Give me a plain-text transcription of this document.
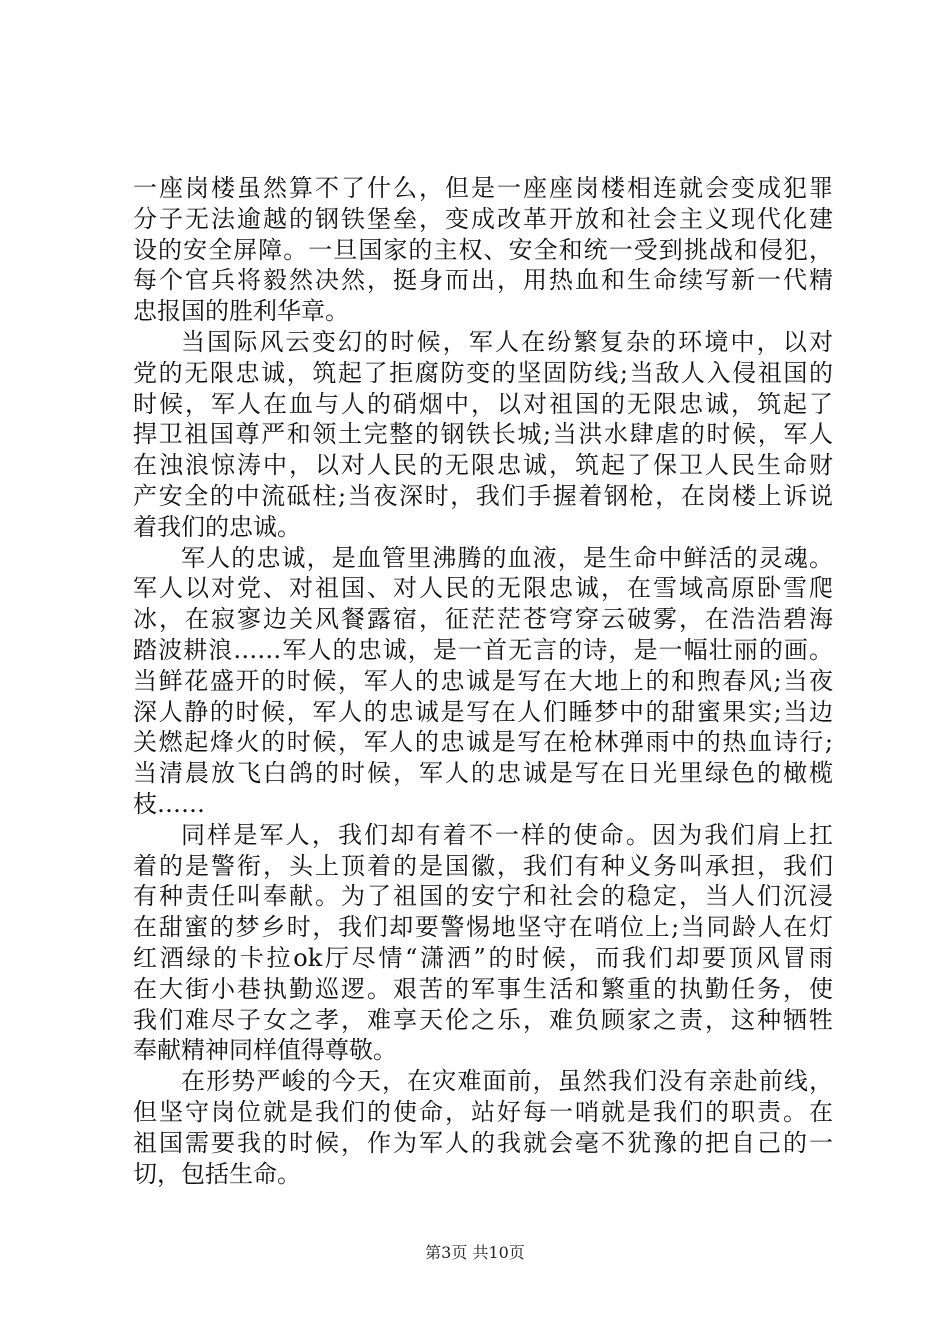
一座岗楼虽然算不了什么，但是一座座岗楼相连就会变成犯罪
分子无法逾越的钢铁堡垒，变成改革开放和社会主义现代化建
设的安全屏障。一旦国家的主权、安全和统一受到挑战和侵犯，
每个官兵将毅然决然，挺身而出，用热血和生命续写新一代精
忠报国的胜利华章。
当国际风云变幻的时候，军人在纷繁复杂的环境中，以对
党的无限忠诚，筑起了拒腐防变的坚固防线;当敌人入侵祖国的
时候，军人在血与人的硝烟中，以对祖国的无限忠诚，筑起了
捍卫祖国尊严和领土完整的钢铁长城;当洪水肆虐的时候，军人
在浊浪惊涛中，以对人民的无限忠诚，筑起了保卫人民生命财
产安全的中流砥柱;当夜深时，我们手握着钢枪，在岗楼上诉说
着我们的忠诚。
军人的忠诚，是血管里沸腾的血液，是生命中鲜活的灵魂。
军人以对党、对祖国、对人民的无限忠诚，在雪域高原卧雪爬
冰，在寂寥边关风餐露宿，征茫茫苍穹穿云破雾，在浩浩碧海
踏波耕浪……军人的忠诚，是一首无言的诗，是一幅壮丽的画。
当鲜花盛开的时候，军人的忠诚是写在大地上的和煦春风;当夜
深人静的时候，军人的忠诚是写在人们睡梦中的甜蜜果实;当边
关燃起烽火的时候，军人的忠诚是写在枪林弹雨中的热血诗行;
当清晨放飞白鸽的时候，军人的忠诚是写在日光里绿色的橄榄
枝……
同样是军人，我们却有着不一样的使命。因为我们肩上扛
着的是警衔，头上顶着的是国徽，我们有种义务叫承担，我们
有种责任叫奉献。为了祖国的安宁和社会的稳定，当人们沉浸
在甜蜜的梦乡时，我们却要警惕地坚守在哨位上;当同龄人在灯
红酒绿的卡拉ok厅尽情“潇洒”的时候，而我们却要顶风冒雨
在大街小巷执勤巡逻。艰苦的军事生活和繁重的执勤任务，使
我们难尽子女之孝，难享天伦之乐，难负顾家之责，这种牺牲
奉献精神同样值得尊敬。
在形势严峻的今天，在灾难面前，虽然我们没有亲赴前线，
但坚守岗位就是我们的使命，站好每一哨就是我们的职责。在
祖国需要我的时候，作为军人的我就会毫不犹豫的把自己的一
切，包括生命。
第3页 共10页
